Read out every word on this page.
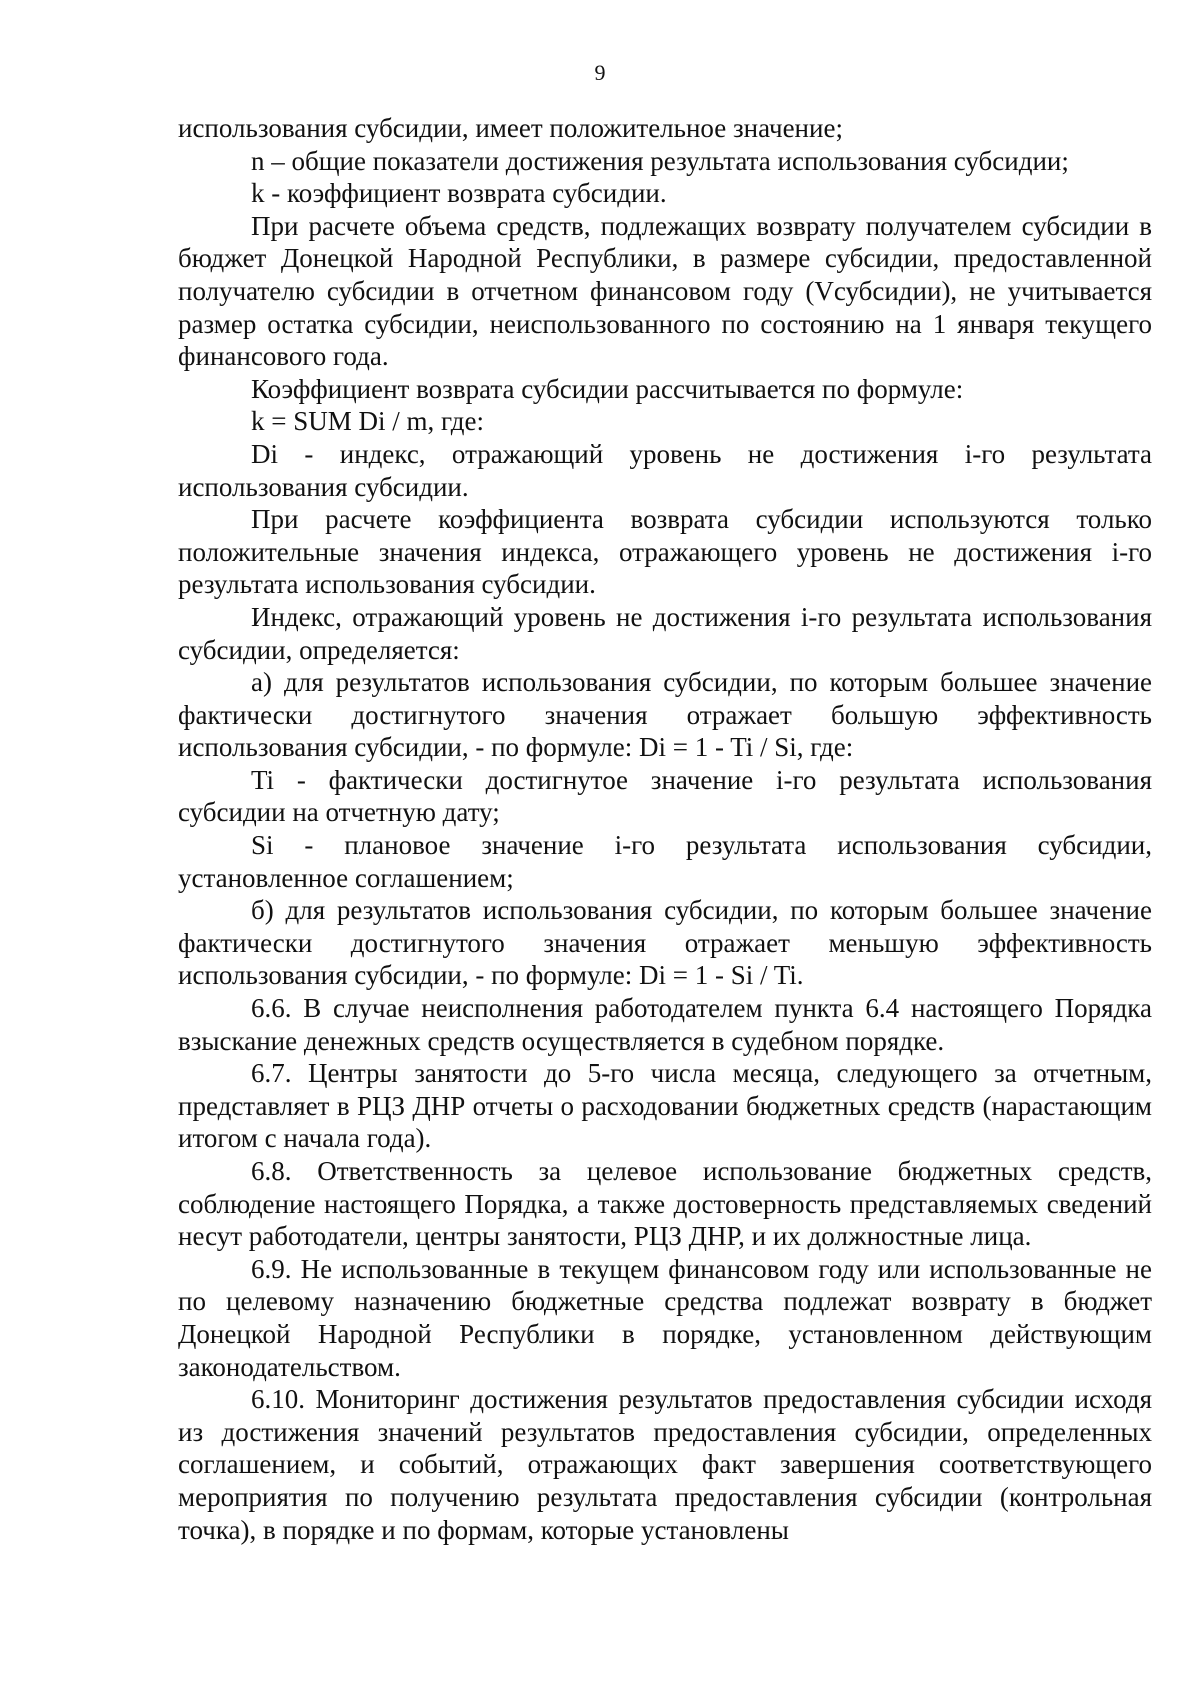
9

использования субсидии, имеет положительное значение;

n – общие показатели достижения результата использования субсидии;

k - коэффициент возврата субсидии.

При расчете объема средств, подлежащих возврату получателем субсидии в бюджет Донецкой Народной Республики, в размере субсидии, предоставленной получателю субсидии в отчетном финансовом году (Vсубсидии), не учитывается размер остатка субсидии, неиспользованного по состоянию на 1 января текущего финансового года.

Коэффициент возврата субсидии рассчитывается по формуле:

k = SUM Di / m, где:

Di - индекс, отражающий уровень не достижения i-го результата использования субсидии.

При расчете коэффициента возврата субсидии используются только положительные значения индекса, отражающего уровень не достижения i-го результата использования субсидии.

Индекс, отражающий уровень не достижения i-го результата использования субсидии, определяется:

а) для результатов использования субсидии, по которым большее значение фактически достигнутого значения отражает большую эффективность использования субсидии, - по формуле: Di = 1 - Ti / Si, где:

Ti - фактически достигнутое значение i-го результата использования субсидии на отчетную дату;

Si - плановое значение i-го результата использования субсидии, установленное соглашением;

б) для результатов использования субсидии, по которым большее значение фактически достигнутого значения отражает меньшую эффективность использования субсидии, - по формуле: Di = 1 - Si / Ti.

6.6. В случае неисполнения работодателем пункта 6.4 настоящего Порядка взыскание денежных средств осуществляется в судебном порядке.

6.7. Центры занятости до 5-го числа месяца, следующего за отчетным, представляет в РЦЗ ДНР отчеты о расходовании бюджетных средств (нарастающим итогом с начала года).

6.8. Ответственность за целевое использование бюджетных средств, соблюдение настоящего Порядка, а также достоверность представляемых сведений несут работодатели, центры занятости, РЦЗ ДНР, и их должностные лица.

6.9. Не использованные в текущем финансовом году или использованные не по целевому назначению бюджетные средства подлежат возврату в бюджет Донецкой Народной Республики в порядке, установленном действующим законодательством.

6.10. Мониторинг достижения результатов предоставления субсидии исходя из достижения значений результатов предоставления субсидии, определенных соглашением, и событий, отражающих факт завершения соответствующего мероприятия по получению результата предоставления субсидии (контрольная точка), в порядке и по формам, которые установлены
